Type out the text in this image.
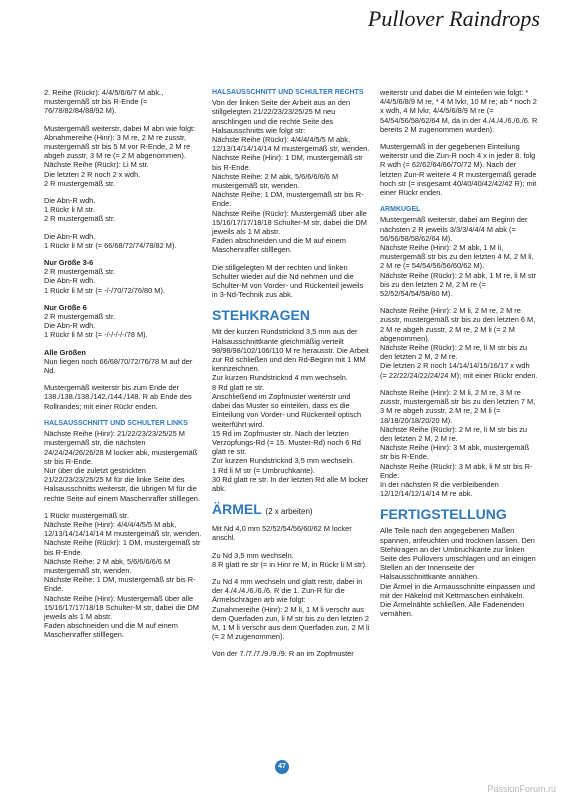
Pullover Raindrops

2. Reihe (Rückr): 4/4/5/6/6/7 M abk., mustergemäß str bis R-Ende (= 76/78/82/84/88/92 M).

Mustergemäß weiterstr, dabei M abn wie folgt:
Abnahmereihe (Hinr): 3 M re, 2 M re zusstr, mustergemäß str bis 5 M vor R-Ende, 2 M re abgeh zusstr, 3 M re (= 2 M abgenommen).
Nächste Reihe (Rückr): Li M str.
Die letzten 2 R noch 2 x wdh.
2 R mustergemäß str.

Die Abn-R wdh.
1 Rückr li M str.
2 R mustergemäß str.

Die Abn-R wdh.
1 Rückr li M str (= 66/68/72/74/78/82 M).

Nur Größe 3-6
2 R mustergemäß str.
Die Abn-R wdh.
1 Rückr li M str (= -/-/70/72/76/80 M).

Nur Größe 6
2 R mustergemäß str.
Die Abn-R wdh.
1 Rückr li M str (= -/-/-/-/-/78 M).

Alle Größen
Nun liegen noch 66/68/70/72/76/78 M auf der Nd.

Mustergemäß weiterstr bis zum Ende der 138./138./138./142./144./148. R ab Ende des Rollrandes; mit einer Rückr enden.

HALSAUSSCHNITT UND SCHULTER LINKS

Nächste Reihe (Hinr): 21/22/23/23/25/25 M mustergemäß str, die nächsten 24/24/24/26/26/28 M locker abk, mustergemäß str bis R-Ende.
Nur über die zuletzt gestrickten 21/22/23/23/25/25 M für die linke Seite des Halsausschnitts weiterstr, die übrigen M für die rechte Seite auf einem Maschenraffer stilllegen.

1 Rückr mustergemäß str.
Nächste Reihe (Hinr): 4/4/4/4/5/5 M abk, 12/13/14/14/14/14 M mustergemäß str, wenden.
Nächste Reihe (Rückr): 1 DM, mustergemäß str bis R-Ende.
Nächste Reihe: 2 M abk, 5/6/6/6/6/6 M mustergemäß str, wenden.
Nächste Reihe: 1 DM, mustergemäß str bis R-Ende.
Nächste Reihe (Hinr): Mustergemäß über alle 15/16/17/17/18/18 Schulter-M str, dabei die DM jeweils als 1 M abstr.
Faden abschneiden und die M auf einem Maschenraffer stilllegen.

HALSAUSSCHNITT UND SCHULTER RECHTS

Von der linken Seite der Arbeit aus an den stillgelegten 21/22/23/23/25/25 M neu anschlingen und die rechte Seite des Halsausschnitts wie folgt str:
Nächste Reihe (Rückr): 4/4/4/4/5/5 M abk, 12/13/14/14/14/14 M mustergemäß str, wenden.
Nächste Reihe (Hinr): 1 DM, mustergemäß str bis R-Ende.
Nächste Reihe: 2 M abk, 5/6/6/6/6/6 M mustergemäß str, wenden.
Nächste Reihe: 1 DM, mustergemäß str bis R-Ende.
Nächste Reihe (Rückr): Mustergemäß über alle 15/16/17/17/18/18 Schulter-M str, dabei die DM jeweils als 1 M abstr.
Faden abschneiden und die M auf einem Maschenraffer stilllegen.

Die stillgelegten M der rechten und linken Schulter wieder auf die Nd nehmen und die Schulter-M von Vorder- und Rückenteil jeweils in 3-Nd-Technik zus abk.

STEHKRAGEN

Mit der kurzen Rundstricknd 3,5 mm aus der Halsausschnittkante gleichmäßig verteilt 98/98/98/102/106/110 M re herausstr. Die Arbeit zur Rd schließen und den Rd-Beginn mit 1 MM kennzeichnen.
Zur kurzen Rundstricknd 4 mm wechseln.
8 Rd glatt re str.
Anschließend im Zopfmuster weiterstr und dabei das Muster so einteilen, dass es die Einteilung von Vorder- und Rückenteil optisch weiterführt wird.
15 Rd im Zopfmuster str. Nach der letzten Verzopfungs-Rd (= 15. Muster-Rd) noch 6 Rd glatt re str.
Zur kurzen Rundstricknd 3,5 mm wechseln.
1 Rd li M str (= Umbruchkante).
30 Rd glatt re str. In der letzten Rd alle M locker abk.

ÄRMEL (2 x arbeiten)

Mit Nd 4,0 mm 52/52/54/56/60/62 M locker anschl.

Zu Nd 3,5 mm wechseln.
8 R glatt re str (= in Hinr re M, in Rückr li M str).

Zu Nd 4 mm wechseln und glatt restr, dabei in der 4./4./4./6./6./6. R die 1. Zun-R für die Ärmelschrägen arb wie folgt:
Zunahmereihe (Hinr): 2 M li, 1 M li verschr aus dem Querfaden zun, li M str bis zu den letzten 2 M, 1 M li verschr aus dem Querfaden zun, 2 M li (= 2 M zugenommen).

Von der 7./7./7./9./9./9. R an im Zopfmuster

weiterstr und dabei die M einteilen wie folgt: * 4/4/5/6/8/9 M re, * 4 M lvkr, 10 M re; ab * noch 2 x wdh, 4 M lvkr, 4/4/5/6/8/9 M re (= 54/54/56/58/62/64 M, da in der 4./4./4./6./6./6. R bereits 2 M zugenommen wurden).

Mustergemäß in der gegebenen Einteilung weiterstr und die Zun-R noch 4 x in jeder 8. folg R wdh (= 62/62/64/66/70/72 M). Nach der letzten Zun-R weitere 4 R mustergemäß gerade hoch str (= insgesamt 40/40/40/42/42/42 R); mit einer Rückr enden.

ARMKUGEL

Mustergemäß weiterstr, dabei am Beginn der nächsten 2 R jeweils 3/3/3/4/4/4 M abk (= 56/56/58/58/62/64 M).
Nächste Reihe (Hinr): 2 M abk, 1 M li, mustergemäß str bis zu den letzten 4 M, 2 M li, 2 M re (= 54/54/56/56/60/62 M).
Nächste Reihe (Rückr): 2 M abk, 1 M re, li M str bis zu den letzten 2 M, 2 M re (= 52/52/54/54/58/60 M).

Nächste Reihe (Hinr): 2 M li, 2 M re, 2 M re zusstr, mustergemäß str bis zu den letzten 6 M, 2 M re abgeh zusstr, 2 M re, 2 M li (= 2 M abgenommen).
Nächste Reihe (Rückr): 2 M re, li M str bis zu den letzten 2 M, 2 M re.
Die letzten 2 R noch 14/14/14/15/16/17 x wdh (= 22/22/24/22/24/24 M); mit einer Rückr enden.

Nächste Reihe (Hinr): 2 M li, 2 M re, 3 M re zusstr, mustergemäß str bis zu den letzten 7 M, 3 M re abgeh zusstr, 2 M re, 2 M li (= 18/18/20/18/20/20 M).
Nächste Reihe (Rückr): 2 M re, li M str bis zu den letzten 2 M, 2 M re.
Nächste Reihe (Hinr): 3 M abk, mustergemäß str bis R-Ende.
Nächste Reihe (Rückr): 3 M abk, li M str bis R-Ende.
In der nächsten R die verbleibenden 12/12/14/12/14/14 M re abk.

FERTIGSTELLUNG

Alle Teile nach den angegebenen Maßen spannen, anfeuchten und trocknen lassen. Den Stehkragen an der Umbruchkante zur linken Seite des Pullovers umschlagen und an einigen Stellen an der Innenseite der Halsausschnittkante annähen.
Die Ärmel in die Armausschnitte einpassen und mit der Häkelnd mit Kettmaschen einhäkeln.
Die Ärmelnähte schließen. Alle Fadenenden vernähen.

47
PassionForum.ru
